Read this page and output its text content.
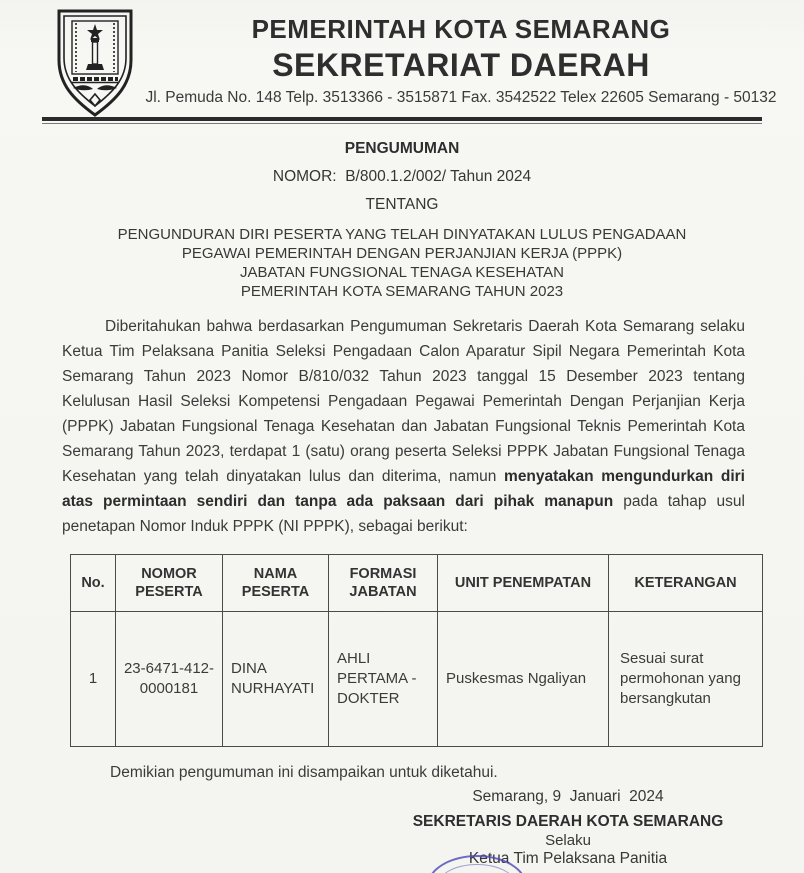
PEMERINTAH KOTA SEMARANG
SEKRETARIAT DAERAH
Jl. Pemuda No. 148 Telp. 3513366 - 3515871 Fax. 3542522 Telex 22605 Semarang - 50132
PENGUMUMAN
NOMOR:  B/800.1.2/002/ Tahun 2024
TENTANG
PENGUNDURAN DIRI PESERTA YANG TELAH DINYATAKAN LULUS PENGADAAN
PEGAWAI PEMERINTAH DENGAN PERJANJIAN KERJA (PPPK)
JABATAN FUNGSIONAL TENAGA KESEHATAN
PEMERINTAH KOTA SEMARANG TAHUN 2023

Diberitahukan bahwa berdasarkan Pengumuman Sekretaris Daerah Kota Semarang selaku Ketua Tim Pelaksana Panitia Seleksi Pengadaan Calon Aparatur Sipil Negara Pemerintah Kota Semarang Tahun 2023 Nomor B/810/032 Tahun 2023 tanggal 15 Desember 2023 tentang Kelulusan Hasil Seleksi Kompetensi Pengadaan Pegawai Pemerintah Dengan Perjanjian Kerja (PPPK) Jabatan Fungsional Tenaga Kesehatan dan Jabatan Fungsional Teknis Pemerintah Kota Semarang Tahun 2023, terdapat 1 (satu) orang peserta Seleksi PPPK Jabatan Fungsional Tenaga Kesehatan yang telah dinyatakan lulus dan diterima, namun menyatakan mengundurkan diri atas permintaan sendiri dan tanpa ada paksaan dari pihak manapun pada tahap usul penetapan Nomor Induk PPPK (NI PPPK), sebagai berikut:

No.	NOMOR PESERTA	NAMA PESERTA	FORMASI JABATAN	UNIT PENEMPATAN	KETERANGAN
1	23-6471-412-0000181	DINA NURHAYATI	AHLI PERTAMA - DOKTER	Puskesmas Ngaliyan	Sesuai surat permohonan yang bersangkutan
Demikian pengumuman ini disampaikan untuk diketahui.
Semarang, 9  Januari  2024
SEKRETARIS DAERAH KOTA SEMARANG
Selaku
Ketua Tim Pelaksana Panitia
